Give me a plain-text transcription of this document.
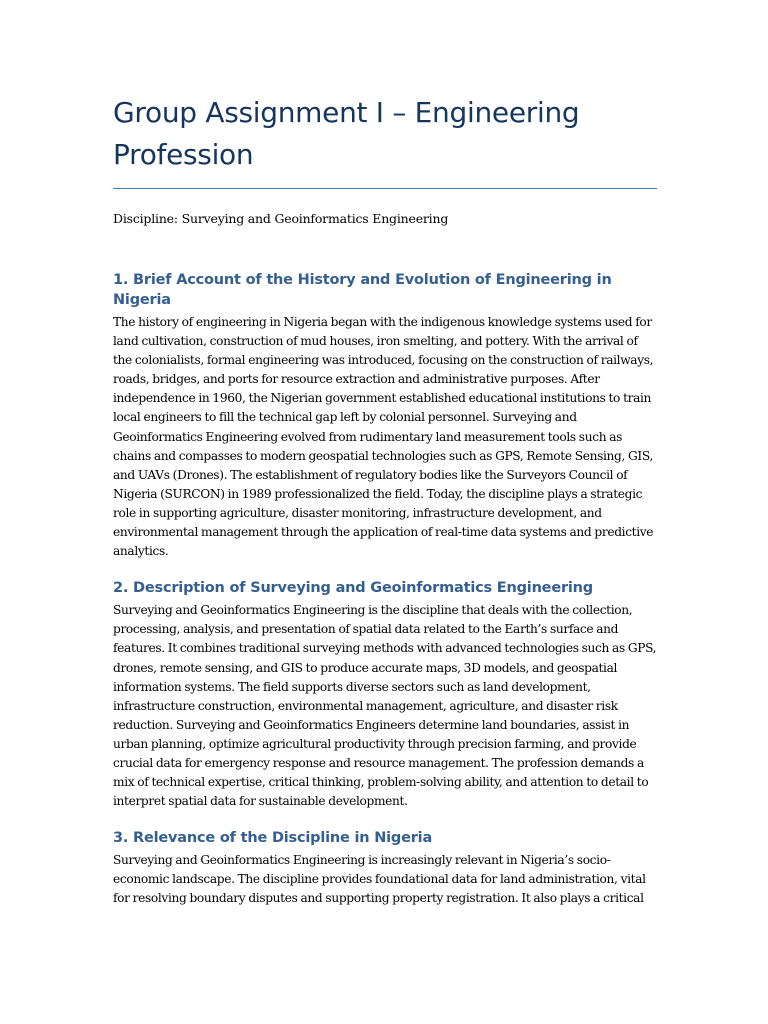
Group Assignment I – Engineering Profession
Discipline: Surveying and Geoinformatics Engineering
1. Brief Account of the History and Evolution of Engineering in Nigeria

The history of engineering in Nigeria began with the indigenous knowledge systems used for land cultivation, construction of mud houses, iron smelting, and pottery. With the arrival of the colonialists, formal engineering was introduced, focusing on the construction of railways, roads, bridges, and ports for resource extraction and administrative purposes. After independence in 1960, the Nigerian government established educational institutions to train local engineers to fill the technical gap left by colonial personnel. Surveying and Geoinformatics Engineering evolved from rudimentary land measurement tools such as chains and compasses to modern geospatial technologies such as GPS, Remote Sensing, GIS, and UAVs (Drones). The establishment of regulatory bodies like the Surveyors Council of Nigeria (SURCON) in 1989 professionalized the field. Today, the discipline plays a strategic role in supporting agriculture, disaster monitoring, infrastructure development, and environmental management through the application of real-time data systems and predictive analytics.

2. Description of Surveying and Geoinformatics Engineering

Surveying and Geoinformatics Engineering is the discipline that deals with the collection, processing, analysis, and presentation of spatial data related to the Earth’s surface and features. It combines traditional surveying methods with advanced technologies such as GPS, drones, remote sensing, and GIS to produce accurate maps, 3D models, and geospatial information systems. The field supports diverse sectors such as land development, infrastructure construction, environmental management, agriculture, and disaster risk reduction. Surveying and Geoinformatics Engineers determine land boundaries, assist in urban planning, optimize agricultural productivity through precision farming, and provide crucial data for emergency response and resource management. The profession demands a mix of technical expertise, critical thinking, problem-solving ability, and attention to detail to interpret spatial data for sustainable development.

3. Relevance of the Discipline in Nigeria

Surveying and Geoinformatics Engineering is increasingly relevant in Nigeria’s socio-economic landscape. The discipline provides foundational data for land administration, vital for resolving boundary disputes and supporting property registration. It also plays a critical
